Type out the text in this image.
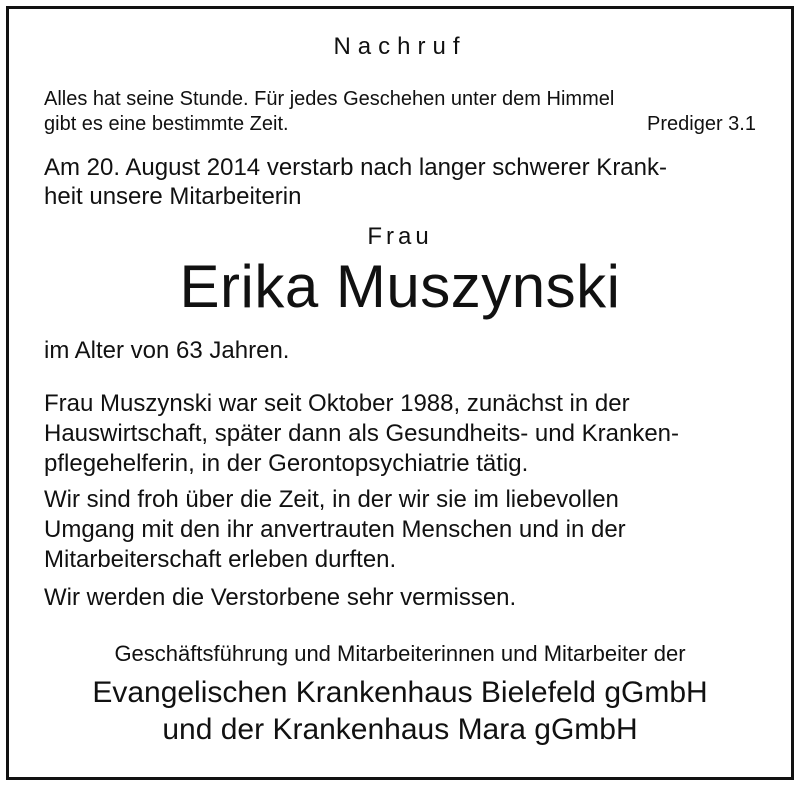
Nachruf
Alles hat seine Stunde. Für jedes Geschehen unter dem Himmel
gibt es eine bestimmte Zeit.	Prediger 3.1
Am 20. August 2014 verstarb nach langer schwerer Krank-
heit unsere Mitarbeiterin
Frau
Erika Muszynski
im Alter von 63 Jahren.
Frau Muszynski war seit Oktober 1988, zunächst in der
Hauswirtschaft, später dann als Gesundheits- und Kranken-
pflegehelferin, in der Gerontopsychiatrie tätig.
Wir sind froh über die Zeit, in der wir sie im liebevollen
Umgang mit den ihr anvertrauten Menschen und in der
Mitarbeiterschaft erleben durften.
Wir werden die Verstorbene sehr vermissen.
Geschäftsführung und Mitarbeiterinnen und Mitarbeiter der
Evangelischen Krankenhaus Bielefeld gGmbH
und der Krankenhaus Mara gGmbH
